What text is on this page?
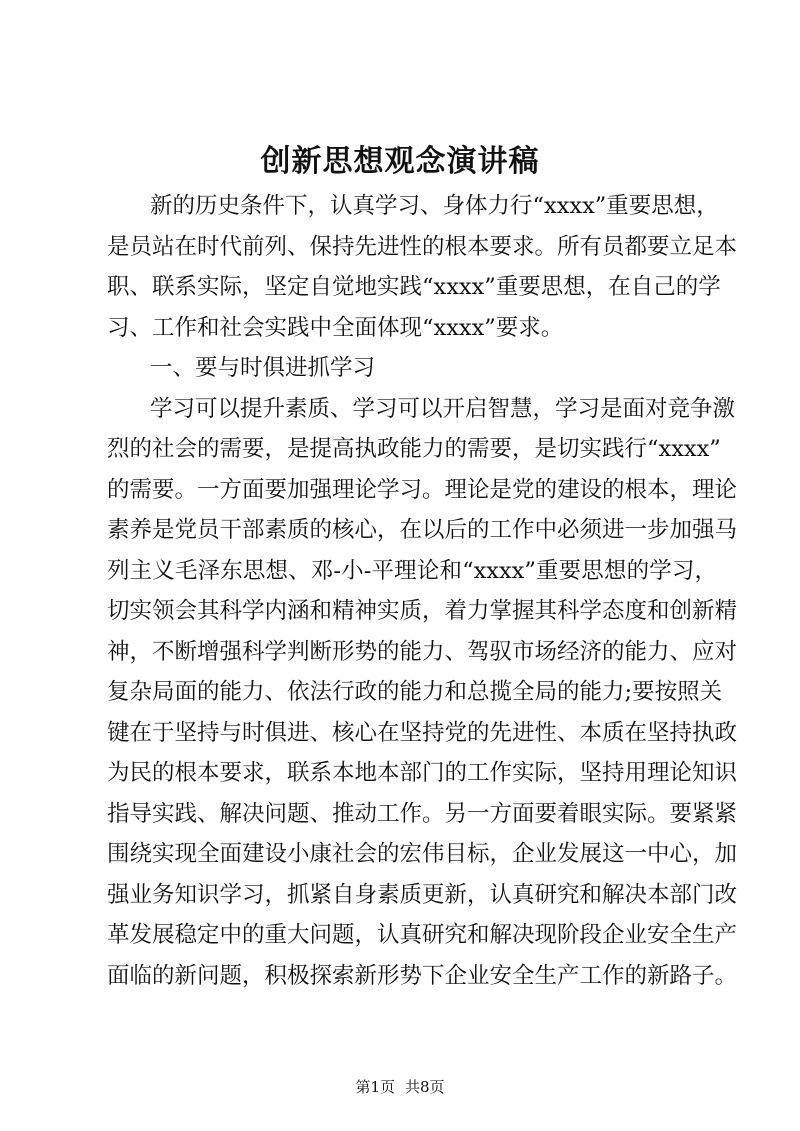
创新思想观念演讲稿
新的历史条件下，认真学习、身体力行“xxxx”重要思想，
是员站在时代前列、保持先进性的根本要求。所有员都要立足本
职、联系实际，坚定自觉地实践“xxxx”重要思想，在自己的学
习、工作和社会实践中全面体现“xxxx”要求。
一、要与时俱进抓学习
学习可以提升素质、学习可以开启智慧，学习是面对竞争激
烈的社会的需要，是提高执政能力的需要，是切实践行“xxxx”
的需要。一方面要加强理论学习。理论是党的建设的根本，理论
素养是党员干部素质的核心，在以后的工作中必须进一步加强马
列主义毛泽东思想、邓-小-平理论和“xxxx”重要思想的学习，
切实领会其科学内涵和精神实质，着力掌握其科学态度和创新精
神，不断增强科学判断形势的能力、驾驭市场经济的能力、应对
复杂局面的能力、依法行政的能力和总揽全局的能力;要按照关
键在于坚持与时俱进、核心在坚持党的先进性、本质在坚持执政
为民的根本要求，联系本地本部门的工作实际，坚持用理论知识
指导实践、解决问题、推动工作。另一方面要着眼实际。要紧紧
围绕实现全面建设小康社会的宏伟目标，企业发展这一中心，加
强业务知识学习，抓紧自身素质更新，认真研究和解决本部门改
革发展稳定中的重大问题，认真研究和解决现阶段企业安全生产
面临的新问题，积极探索新形势下企业安全生产工作的新路子。
第1页 共8页
